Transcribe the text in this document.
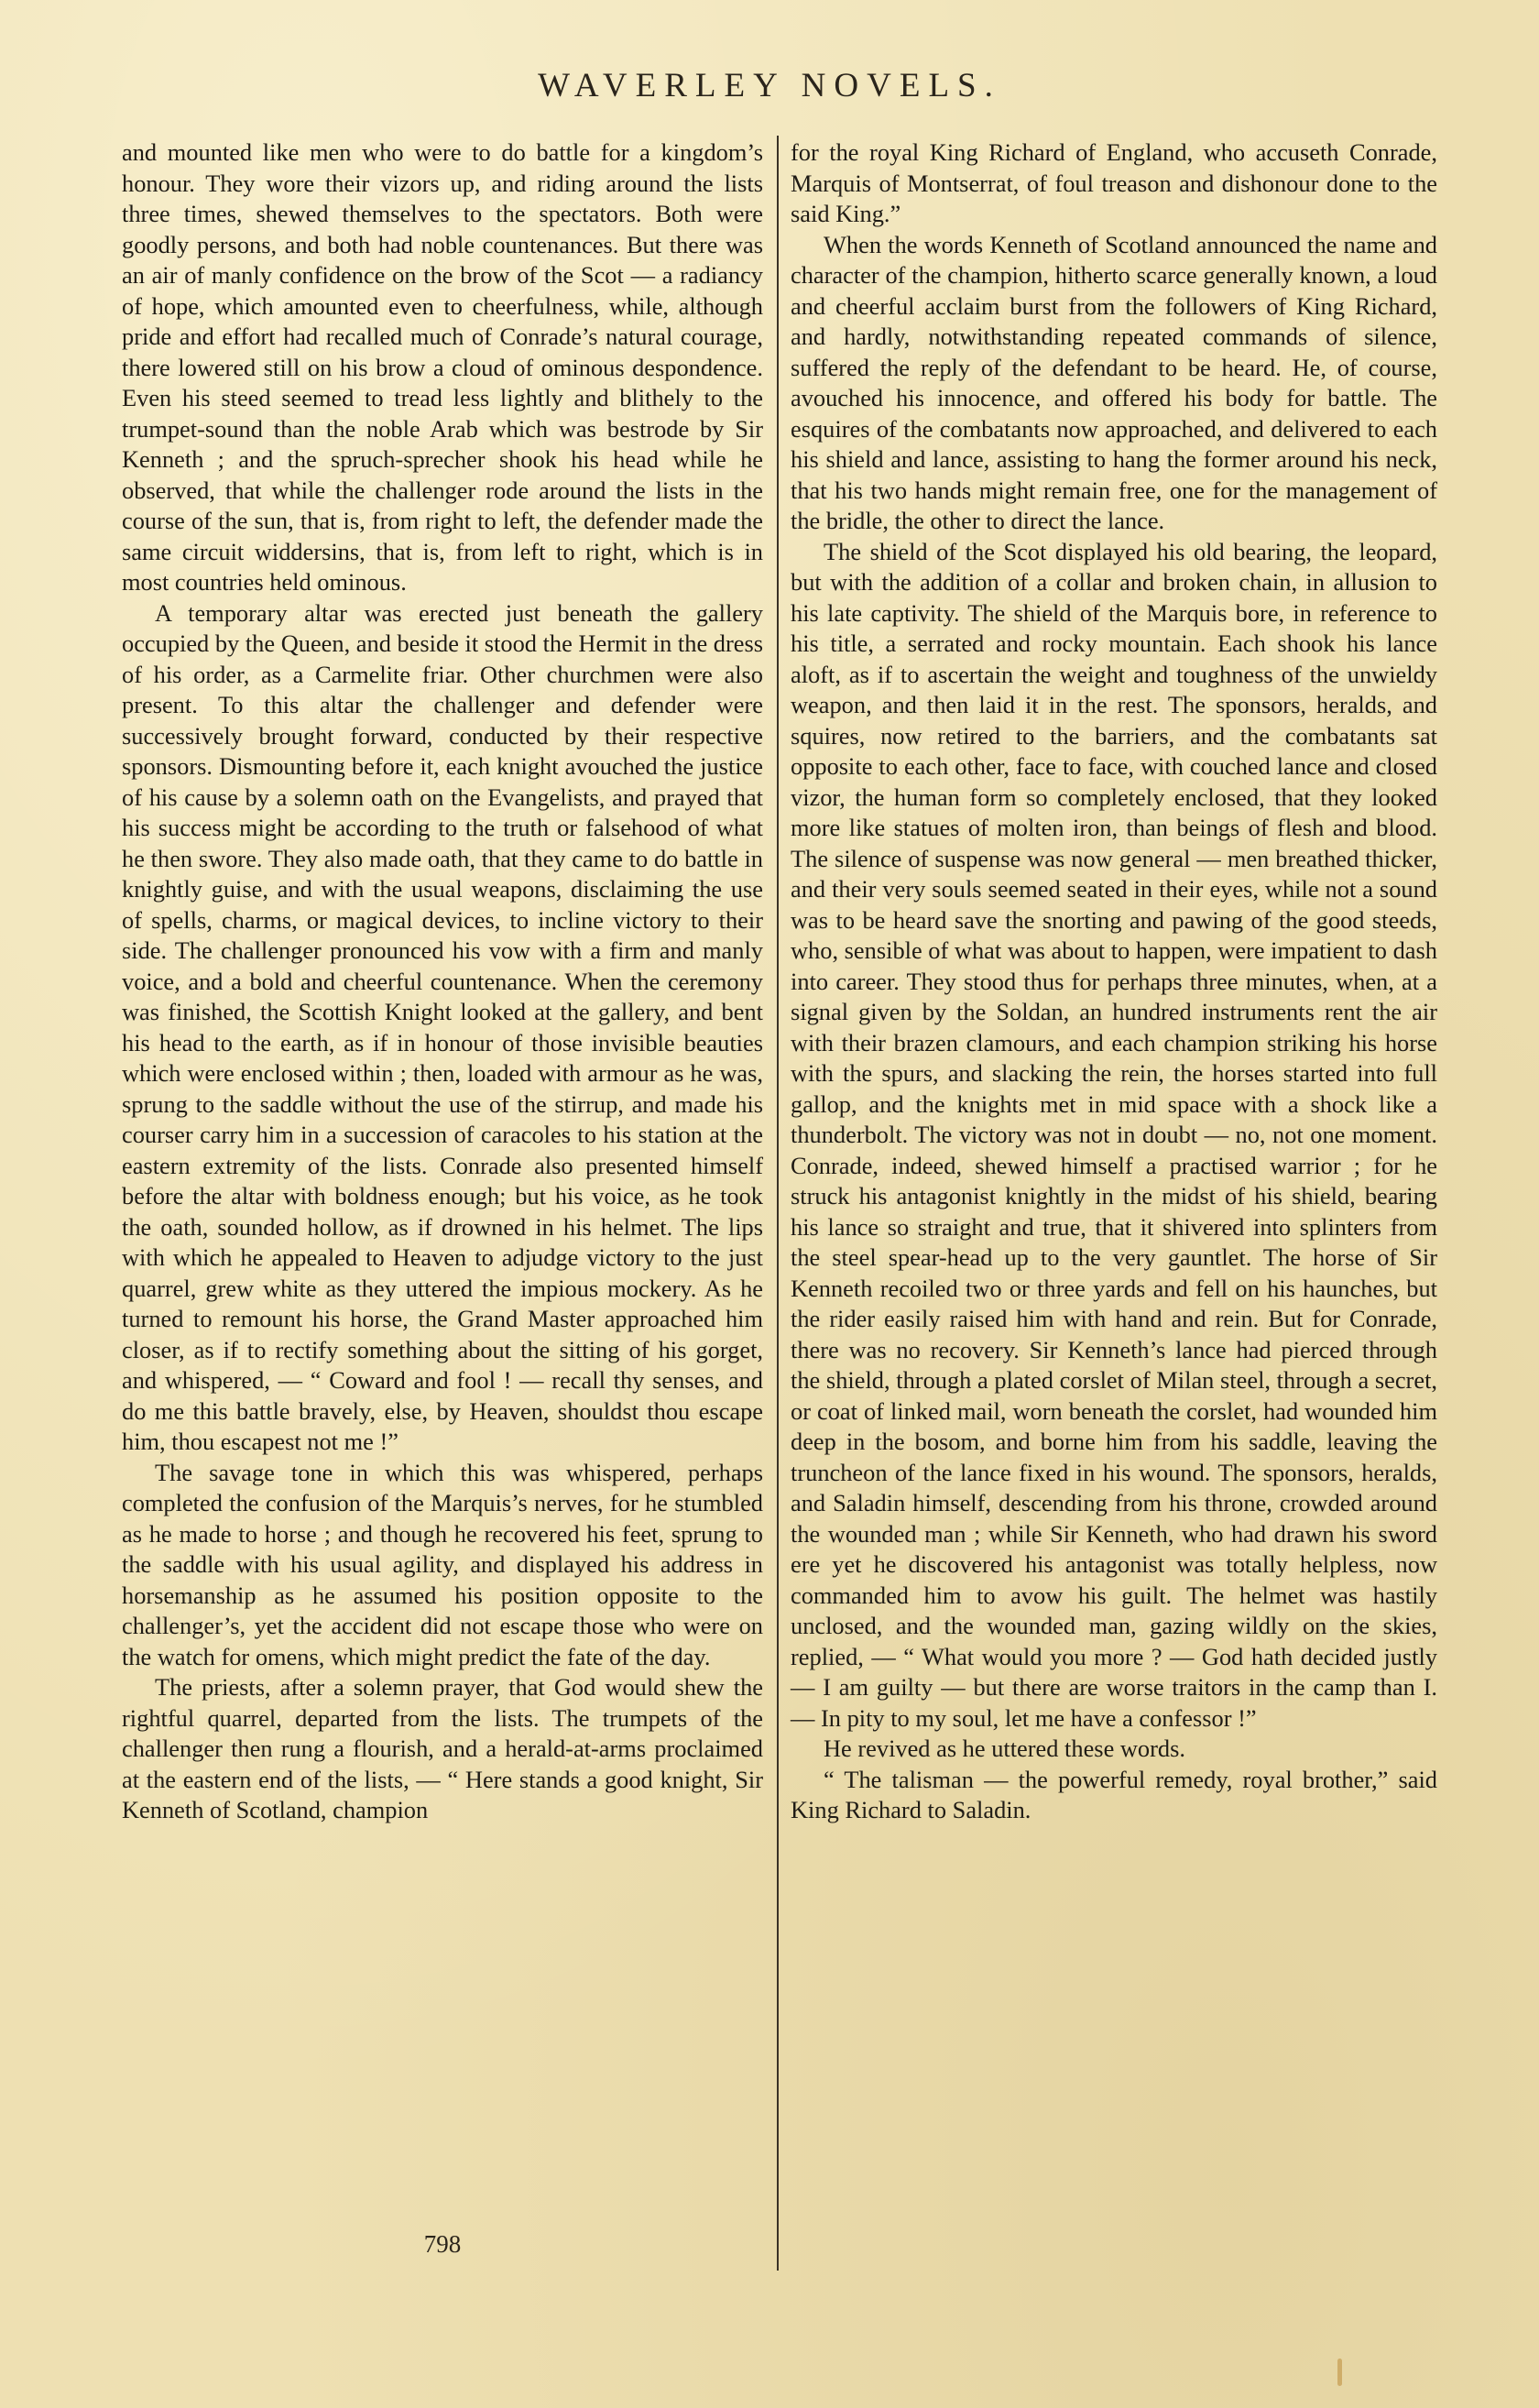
WAVERLEY NOVELS.

and mounted like men who were to do battle for a kingdom’s honour. They wore their vizors up, and riding around the lists three times, shewed themselves to the spectators. Both were goodly persons, and both had noble countenances. But there was an air of manly confidence on the brow of the Scot — a radiancy of hope, which amounted even to cheerfulness, while, although pride and effort had recalled much of Conrade’s natural courage, there lowered still on his brow a cloud of ominous despondence. Even his steed seemed to tread less lightly and blithely to the trumpet-sound than the noble Arab which was bestrode by Sir Kenneth ; and the spruch-sprecher shook his head while he observed, that while the challenger rode around the lists in the course of the sun, that is, from right to left, the defender made the same circuit widdersins, that is, from left to right, which is in most countries held ominous.

A temporary altar was erected just beneath the gallery occupied by the Queen, and beside it stood the Hermit in the dress of his order, as a Carmelite friar. Other churchmen were also present. To this altar the challenger and defender were successively brought forward, conducted by their respective sponsors. Dismounting before it, each knight avouched the justice of his cause by a solemn oath on the Evangelists, and prayed that his success might be according to the truth or falsehood of what he then swore. They also made oath, that they came to do battle in knightly guise, and with the usual weapons, disclaiming the use of spells, charms, or magical devices, to incline victory to their side. The challenger pronounced his vow with a firm and manly voice, and a bold and cheerful countenance. When the ceremony was finished, the Scottish Knight looked at the gallery, and bent his head to the earth, as if in honour of those invisible beauties which were enclosed within ; then, loaded with armour as he was, sprung to the saddle without the use of the stirrup, and made his courser carry him in a succession of caracoles to his station at the eastern extremity of the lists. Conrade also presented himself before the altar with boldness enough; but his voice, as he took the oath, sounded hollow, as if drowned in his helmet. The lips with which he appealed to Heaven to adjudge victory to the just quarrel, grew white as they uttered the impious mockery. As he turned to remount his horse, the Grand Master approached him closer, as if to rectify something about the sitting of his gorget, and whispered, — “ Coward and fool ! — recall thy senses, and do me this battle bravely, else, by Heaven, shouldst thou escape him, thou escapest not me !”

The savage tone in which this was whispered, perhaps completed the confusion of the Marquis’s nerves, for he stumbled as he made to horse ; and though he recovered his feet, sprung to the saddle with his usual agility, and displayed his address in horsemanship as he assumed his position opposite to the challenger’s, yet the accident did not escape those who were on the watch for omens, which might predict the fate of the day.

The priests, after a solemn prayer, that God would shew the rightful quarrel, departed from the lists. The trumpets of the challenger then rung a flourish, and a herald-at-arms proclaimed at the eastern end of the lists, — “ Here stands a good knight, Sir Kenneth of Scotland, champion

for the royal King Richard of England, who accuseth Conrade, Marquis of Montserrat, of foul treason and dishonour done to the said King.”

When the words Kenneth of Scotland announced the name and character of the champion, hitherto scarce generally known, a loud and cheerful acclaim burst from the followers of King Richard, and hardly, notwithstanding repeated commands of silence, suffered the reply of the defendant to be heard. He, of course, avouched his innocence, and offered his body for battle. The esquires of the combatants now approached, and delivered to each his shield and lance, assisting to hang the former around his neck, that his two hands might remain free, one for the management of the bridle, the other to direct the lance.

The shield of the Scot displayed his old bearing, the leopard, but with the addition of a collar and broken chain, in allusion to his late captivity. The shield of the Marquis bore, in reference to his title, a serrated and rocky mountain. Each shook his lance aloft, as if to ascertain the weight and toughness of the unwieldy weapon, and then laid it in the rest. The sponsors, heralds, and squires, now retired to the barriers, and the combatants sat opposite to each other, face to face, with couched lance and closed vizor, the human form so completely enclosed, that they looked more like statues of molten iron, than beings of flesh and blood. The silence of suspense was now general — men breathed thicker, and their very souls seemed seated in their eyes, while not a sound was to be heard save the snorting and pawing of the good steeds, who, sensible of what was about to happen, were impatient to dash into career. They stood thus for perhaps three minutes, when, at a signal given by the Soldan, an hundred instruments rent the air with their brazen clamours, and each champion striking his horse with the spurs, and slacking the rein, the horses started into full gallop, and the knights met in mid space with a shock like a thunderbolt. The victory was not in doubt — no, not one moment. Conrade, indeed, shewed himself a practised warrior ; for he struck his antagonist knightly in the midst of his shield, bearing his lance so straight and true, that it shivered into splinters from the steel spear-head up to the very gauntlet. The horse of Sir Kenneth recoiled two or three yards and fell on his haunches, but the rider easily raised him with hand and rein. But for Conrade, there was no recovery. Sir Kenneth’s lance had pierced through the shield, through a plated corslet of Milan steel, through a secret, or coat of linked mail, worn beneath the corslet, had wounded him deep in the bosom, and borne him from his saddle, leaving the truncheon of the lance fixed in his wound. The sponsors, heralds, and Saladin himself, descending from his throne, crowded around the wounded man ; while Sir Kenneth, who had drawn his sword ere yet he discovered his antagonist was totally helpless, now commanded him to avow his guilt. The helmet was hastily unclosed, and the wounded man, gazing wildly on the skies, replied, — “ What would you more ? — God hath decided justly — I am guilty — but there are worse traitors in the camp than I. — In pity to my soul, let me have a confessor !”

He revived as he uttered these words.

“ The talisman — the powerful remedy, royal brother,” said King Richard to Saladin.

798
